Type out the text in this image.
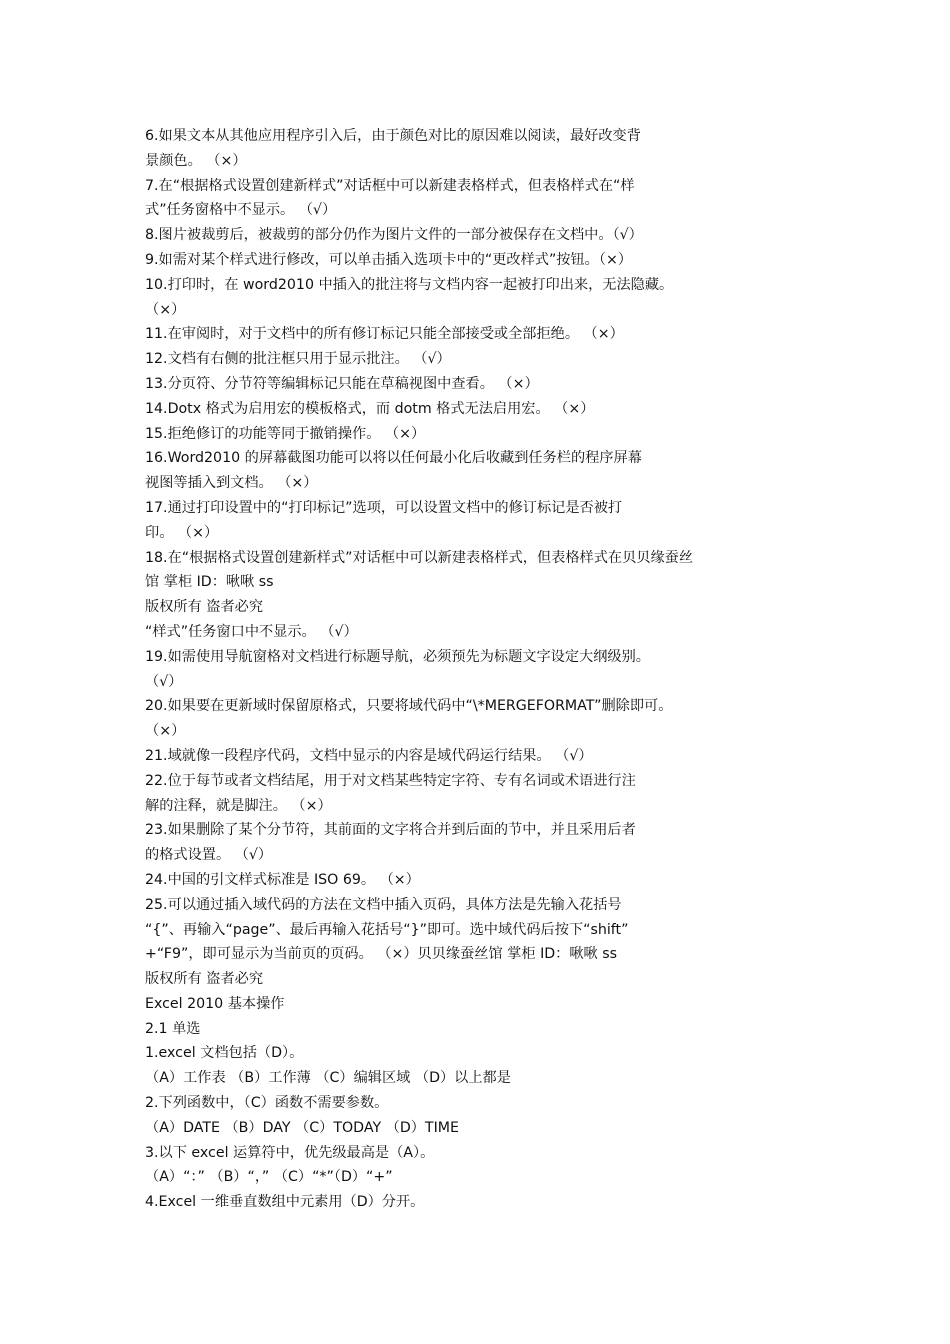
6.如果文本从其他应用程序引入后，由于颜色对比的原因难以阅读，最好改变背
景颜色。 （×）
7.在“根据格式设置创建新样式”对话框中可以新建表格样式，但表格样式在“样
式”任务窗格中不显示。 （√）
8.图片被裁剪后，被裁剪的部分仍作为图片文件的一部分被保存在文档中。（√）
9.如需对某个样式进行修改，可以单击插入选项卡中的“更改样式”按钮。（×）
10.打印时，在 word2010 中插入的批注将与文档内容一起被打印出来，无法隐藏。
（×）
11.在审阅时，对于文档中的所有修订标记只能全部接受或全部拒绝。 （×）
12.文档有右侧的批注框只用于显示批注。 （√）
13.分页符、分节符等编辑标记只能在草稿视图中查看。 （×）
14.Dotx 格式为启用宏的模板格式，而 dotm 格式无法启用宏。 （×）
15.拒绝修订的功能等同于撤销操作。 （×）
16.Word2010 的屏幕截图功能可以将以任何最小化后收藏到任务栏的程序屏幕
视图等插入到文档。 （×）
17.通过打印设置中的“打印标记”选项，可以设置文档中的修订标记是否被打
印。 （×）
18.在“根据格式设置创建新样式”对话框中可以新建表格样式，但表格样式在贝贝缘蚕丝
馆 掌柜 ID：啾啾 ss
版权所有 盗者必究
“样式”任务窗口中不显示。 （√）
19.如需使用导航窗格对文档进行标题导航，必须预先为标题文字设定大纲级别。
（√）
20.如果要在更新域时保留原格式，只要将域代码中“\*MERGEFORMAT”删除即可。
（×）
21.域就像一段程序代码，文档中显示的内容是域代码运行结果。 （√）
22.位于每节或者文档结尾，用于对文档某些特定字符、专有名词或术语进行注
解的注释，就是脚注。 （×）
23.如果删除了某个分节符，其前面的文字将合并到后面的节中，并且采用后者
的格式设置。 （√）
24.中国的引文样式标准是 ISO 69。 （×）
25.可以通过插入域代码的方法在文档中插入页码，具体方法是先输入花括号
“{”、再输入“page”、最后再输入花括号“}”即可。选中域代码后按下“shift”
+“F9”，即可显示为当前页的页码。 （×）贝贝缘蚕丝馆 掌柜 ID：啾啾 ss
版权所有 盗者必究
Excel 2010 基本操作
2.1 单选
1.excel 文档包括（D）。
（A）工作表 （B）工作薄 （C）编辑区域 （D）以上都是
2.下列函数中，（C）函数不需要参数。
（A）DATE （B）DAY （C）TODAY （D）TIME
3.以下 excel 运算符中，优先级最高是（A）。
（A）“：” （B）“，” （C）“*”（D）“+”
4.Excel 一维垂直数组中元素用（D）分开。
